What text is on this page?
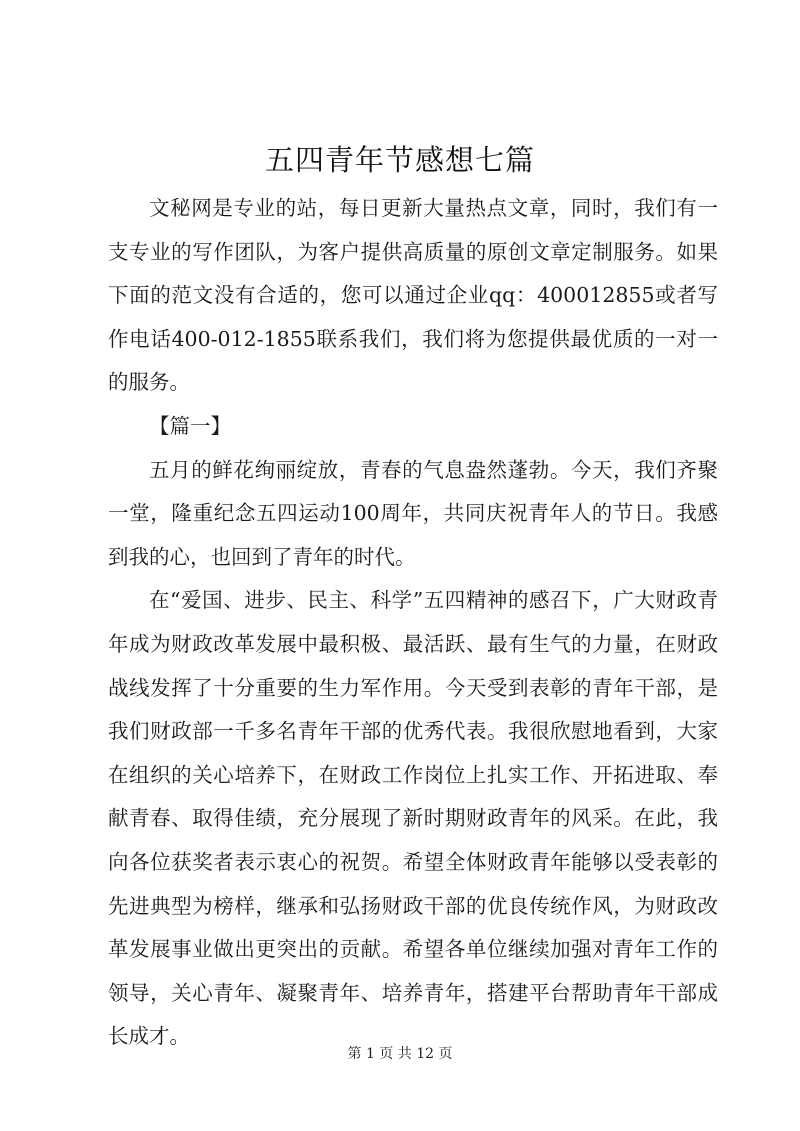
五四青年节感想七篇

文秘网是专业的站，每日更新大量热点文章，同时，我们有一支专业的写作团队，为客户提供高质量的原创文章定制服务。如果下面的范文没有合适的，您可以通过企业qq：400012855或者写作电话400-012-1855联系我们，我们将为您提供最优质的一对一的服务。

【篇一】

五月的鲜花绚丽绽放，青春的气息盎然蓬勃。今天，我们齐聚一堂，隆重纪念五四运动100周年，共同庆祝青年人的节日。我感到我的心，也回到了青年的时代。

在“爱国、进步、民主、科学”五四精神的感召下，广大财政青年成为财政改革发展中最积极、最活跃、最有生气的力量，在财政战线发挥了十分重要的生力军作用。今天受到表彰的青年干部，是我们财政部一千多名青年干部的优秀代表。我很欣慰地看到，大家在组织的关心培养下，在财政工作岗位上扎实工作、开拓进取、奉献青春、取得佳绩，充分展现了新时期财政青年的风采。在此，我向各位获奖者表示衷心的祝贺。希望全体财政青年能够以受表彰的先进典型为榜样，继承和弘扬财政干部的优良传统作风，为财政改革发展事业做出更突出的贡献。希望各单位继续加强对青年工作的领导，关心青年、凝聚青年、培养青年，搭建平台帮助青年干部成长成才。

第 1 页 共 12 页
